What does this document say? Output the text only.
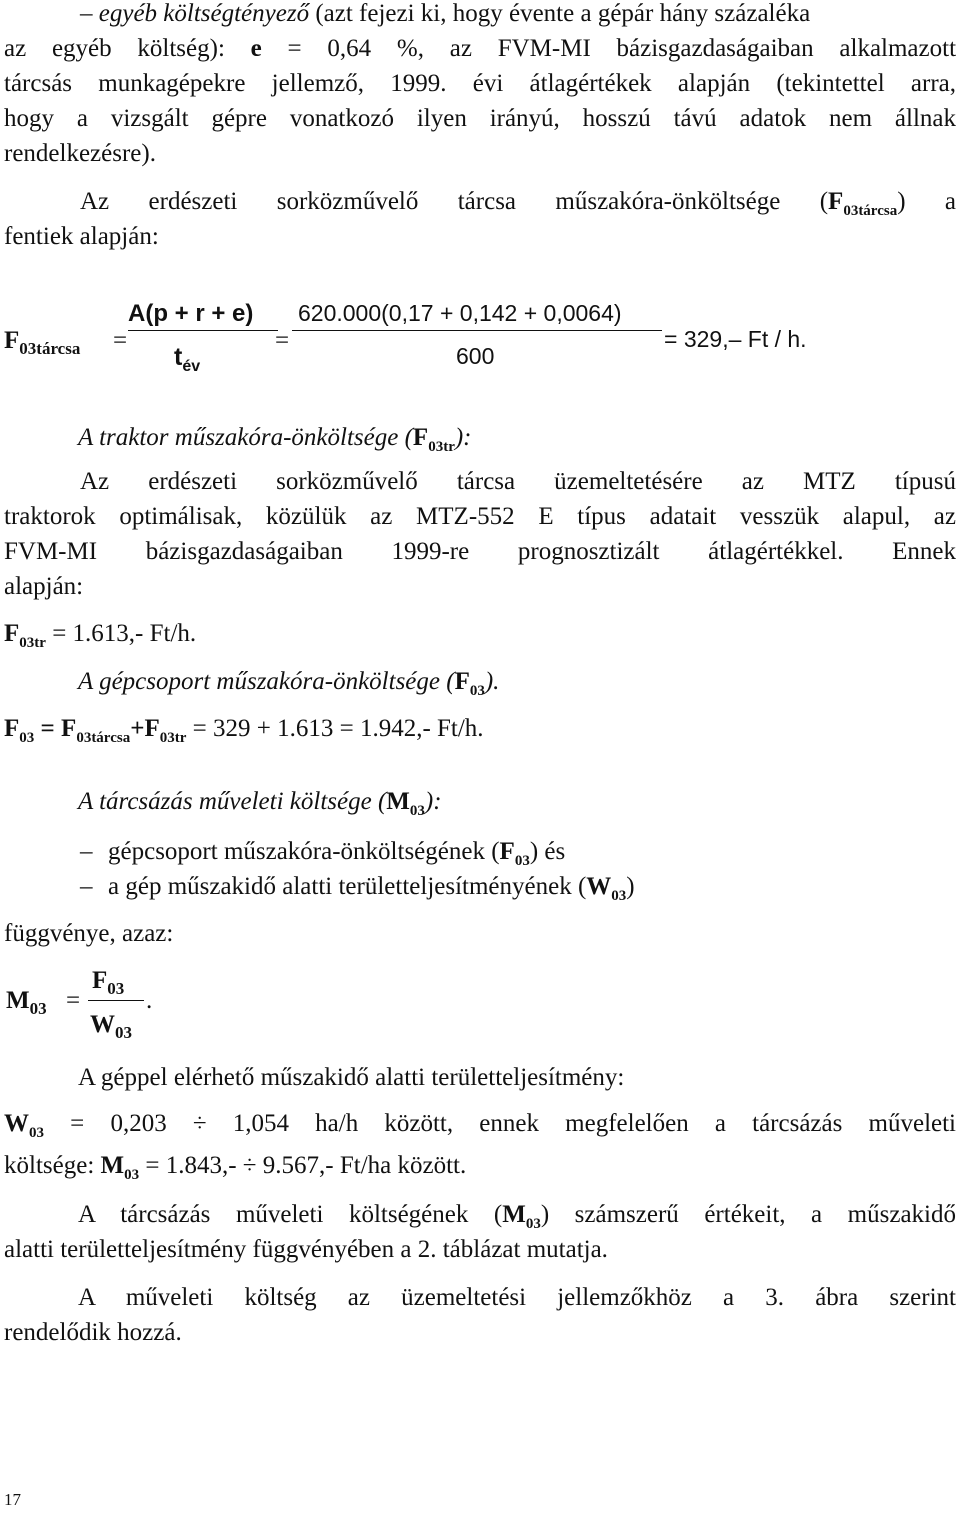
– egyéb költségtényező (azt fejezi ki, hogy évente a gépár hány százaléka
az egyéb költség): e = 0,64 %, az FVM-MI bázisgazdaságaiban alkalmazott
tárcsás munkagépekre jellemző, 1999. évi átlagértékek alapján (tekintettel arra,
hogy a vizsgált gépre vonatkozó ilyen irányú, hosszú távú adatok nem állnak
rendelkezésre).
Az erdészeti sorközművelő tárcsa műszakóra-önköltsége $(F_{03tárcsa})$ a
fentiek alapján:
$F_{03tárcsa}$ =
A(p + r + e)
$t_{év}$
=
620.000(0,17 + 0,142 + 0,0064)
600
= 329,– Ft / h.
A traktor műszakóra-önköltsége $(F_{03tr})$:
Az erdészeti sorközművelő tárcsa üzemeltetésére az MTZ típusú
traktorok optimálisak, közülük az MTZ-552 E típus adatait vesszük alapul, az
FVM-MI bázisgazdaságaiban 1999-re prognosztizált átlagértékkel. Ennek
alapján:
$F_{03tr} = 1.613,-$ Ft/h.
A gépcsoport műszakóra-önköltsége $(F_{03})$.
$F_{03} = F_{03tárcsa}+F_{03tr} = 329 + 1.613 = 1.942,-$ Ft/h.
A tárcsázás műveleti költsége $(M_{03})$:
– gépcsoport műszakóra-önköltségének $(F_{03})$ és
– a gép műszakidő alatti területteljesítményének $(W_{03})$
függvénye, azaz:
$M_{03}$ =
$F_{03}$
$W_{03}$
.
A géppel elérhető műszakidő alatti területteljesítmény:
$W_{03} = 0,203 \div 1,054$ ha/h között, ennek megfelelően a tárcsázás műveleti
költsége: $M_{03} = 1.843,- \div 9.567,-$ Ft/ha között.
A tárcsázás műveleti költségének $(M_{03})$ számszerű értékeit, a műszakidő
alatti területteljesítmény függvényében a 2. táblázat mutatja.
A műveleti költség az üzemeltetési jellemzőkhöz a 3. ábra szerint
rendelődik hozzá.
17
